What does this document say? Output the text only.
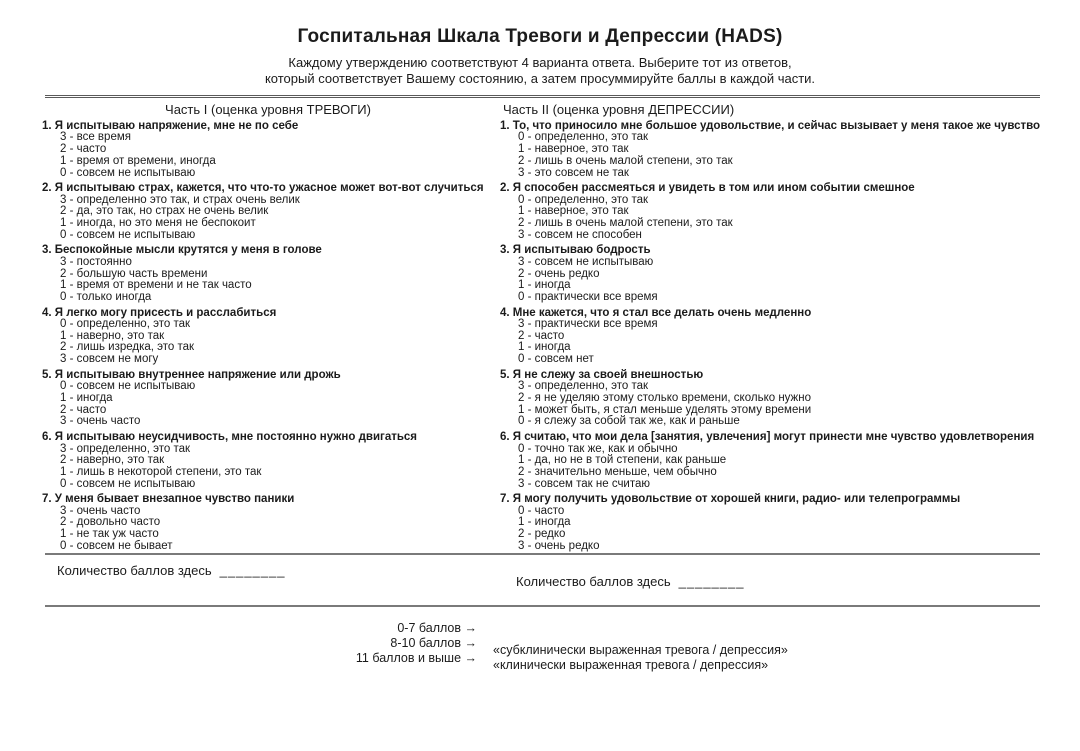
Госпитальная Шкала Тревоги и Депрессии (HADS)

Каждому утверждению соответствуют 4 варианта ответа. Выберите тот из ответов,
который соответствует Вашему состоянию, а затем просуммируйте баллы в каждой части.

Часть I (оценка уровня ТРЕВОГИ)
1. Я испытываю напряжение, мне не по себе
3 - все время
2 - часто
1 - время от времени, иногда
0 - совсем не испытываю
2. Я испытываю страх, кажется, что что-то ужасное может вот-вот случиться
3 - определенно это так, и страх очень велик
2 - да, это так, но страх не очень велик
1 - иногда, но это меня не беспокоит
0 - совсем не испытываю
3. Беспокойные мысли крутятся у меня в голове
3 - постоянно
2 - большую часть времени
1 - время от времени и не так часто
0 - только иногда
4. Я легко могу присесть и расслабиться
0 - определенно, это так
1 - наверно, это так
2 - лишь изредка, это так
3 - совсем не могу
5. Я испытываю внутреннее напряжение или дрожь
0 - совсем не испытываю
1 - иногда
2 - часто
3 - очень часто
6. Я испытываю неусидчивость, мне постоянно нужно двигаться
3 - определенно, это так
2 - наверно, это так
1 - лишь в некоторой степени, это так
0 - совсем не испытываю
7. У меня бывает внезапное чувство паники
3 - очень часто
2 - довольно часто
1 - не так уж часто
0 - совсем не бывает
Часть II (оценка уровня ДЕПРЕССИИ)
1. То, что приносило мне большое удовольствие, и сейчас вызывает у меня такое же чувство
0 - определенно, это так
1 - наверное, это так
2 - лишь в очень малой степени, это так
3 - это совсем не так
2. Я способен рассмеяться и увидеть в том или ином событии смешное
0 - определенно, это так
1 - наверное, это так
2 - лишь в очень малой степени, это так
3 - совсем не способен
3. Я испытываю бодрость
3 - совсем не испытываю
2 - очень редко
1 - иногда
0 - практически все время
4. Мне кажется, что я стал все делать очень медленно
3 - практически все время
2 - часто
1 - иногда
0 - совсем нет
5. Я не слежу за своей внешностью
3 - определенно, это так
2 - я не уделяю этому столько времени, сколько нужно
1 - может быть, я стал меньше уделять этому времени
0 - я слежу за собой так же, как и раньше
6. Я считаю, что мои дела [занятия, увлечения] могут принести мне чувство удовлетворения
0 - точно так же, как и обычно
1 - да, но не в той степени, как раньше
2 - значительно меньше, чем обычно
3 - совсем так не считаю
7. Я могу получить удовольствие от хорошей книги, радио- или телепрограммы
0 - часто
1 - иногда
2 - редко
3 - очень редко
Количество баллов здесь ________
Количество баллов здесь ________
0-7 баллов →
8-10 баллов →
11 баллов и выше →
«субклинически выраженная тревога / депрессия»
«клинически выраженная тревога / депрессия»
